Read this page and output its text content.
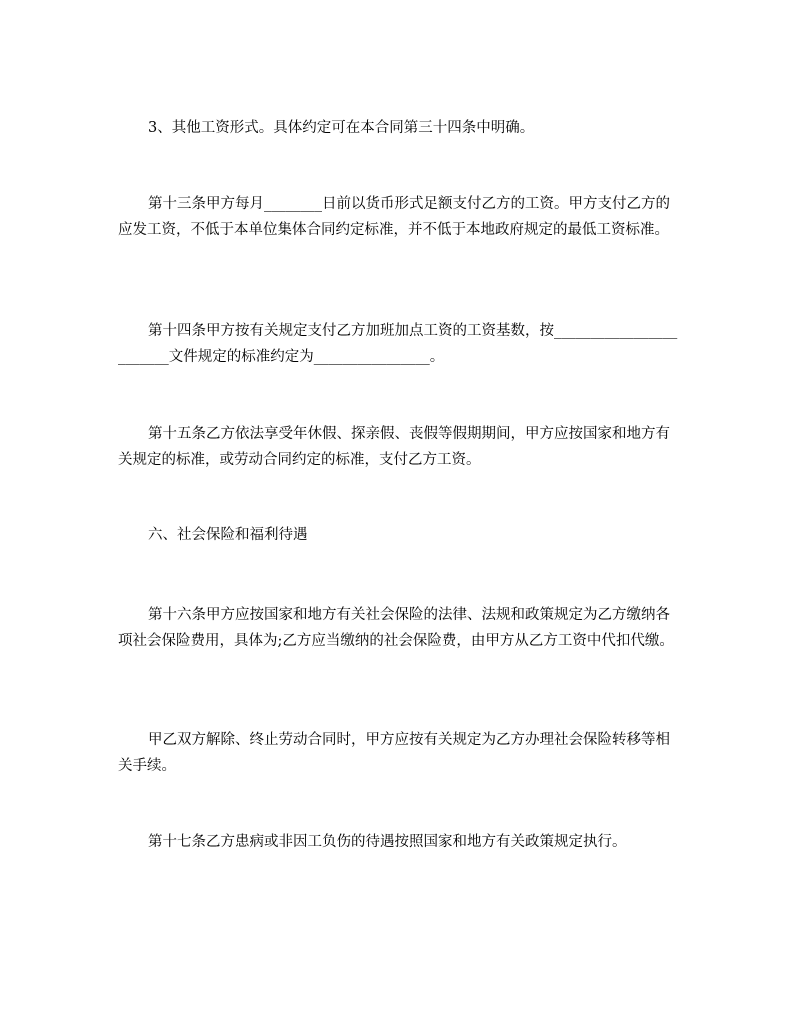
3、其他工资形式。具体约定可在本合同第三十四条中明确。
第十三条甲方每月________日前以货币形式足额支付乙方的工资。甲方支付乙方的应发工资，不低于本单位集体合同约定标准，并不低于本地政府规定的最低工资标准。
第十四条甲方按有关规定支付乙方加班加点工资的工资基数，按________________________文件规定的标准约定为________________。
第十五条乙方依法享受年休假、探亲假、丧假等假期期间，甲方应按国家和地方有关规定的标准，或劳动合同约定的标准，支付乙方工资。
六、社会保险和福利待遇
第十六条甲方应按国家和地方有关社会保险的法律、法规和政策规定为乙方缴纳各项社会保险费用，具体为;乙方应当缴纳的社会保险费，由甲方从乙方工资中代扣代缴。
甲乙双方解除、终止劳动合同时，甲方应按有关规定为乙方办理社会保险转移等相关手续。
第十七条乙方患病或非因工负伤的待遇按照国家和地方有关政策规定执行。
